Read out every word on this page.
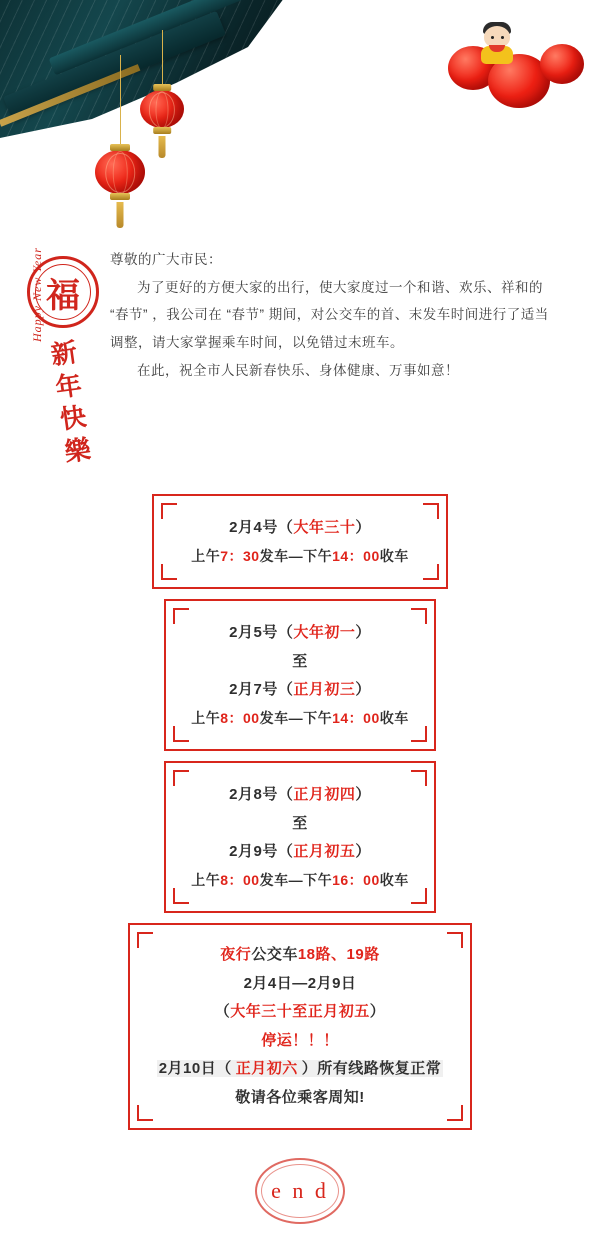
福
Happy New Year
新年快樂

尊敬的广大市民：

为了更好的方便大家的出行，使大家度过一个和谐、欢乐、祥和的 “春节” ，我公司在 “春节” 期间，对公交车的首、末发车时间进行了适当调整，请大家掌握乘车时间，以免错过末班车。

在此，祝全市人民新春快乐、身体健康、万事如意！

2月4号（大年三十）
上午7：30发车—下午14：00收车
2月5号（大年初一）
至
2月7号（正月初三）
上午8：00发车—下午14：00收车
2月8号（正月初四）
至
2月9号（正月初五）
上午8：00发车—下午16：00收车
夜行公交车18路、19路
2月4日—2月9日
（大年三十至正月初五）
停运！！！
2月10日（ 正月初六 ）所有线路恢复正常
敬请各位乘客周知!
e n d
